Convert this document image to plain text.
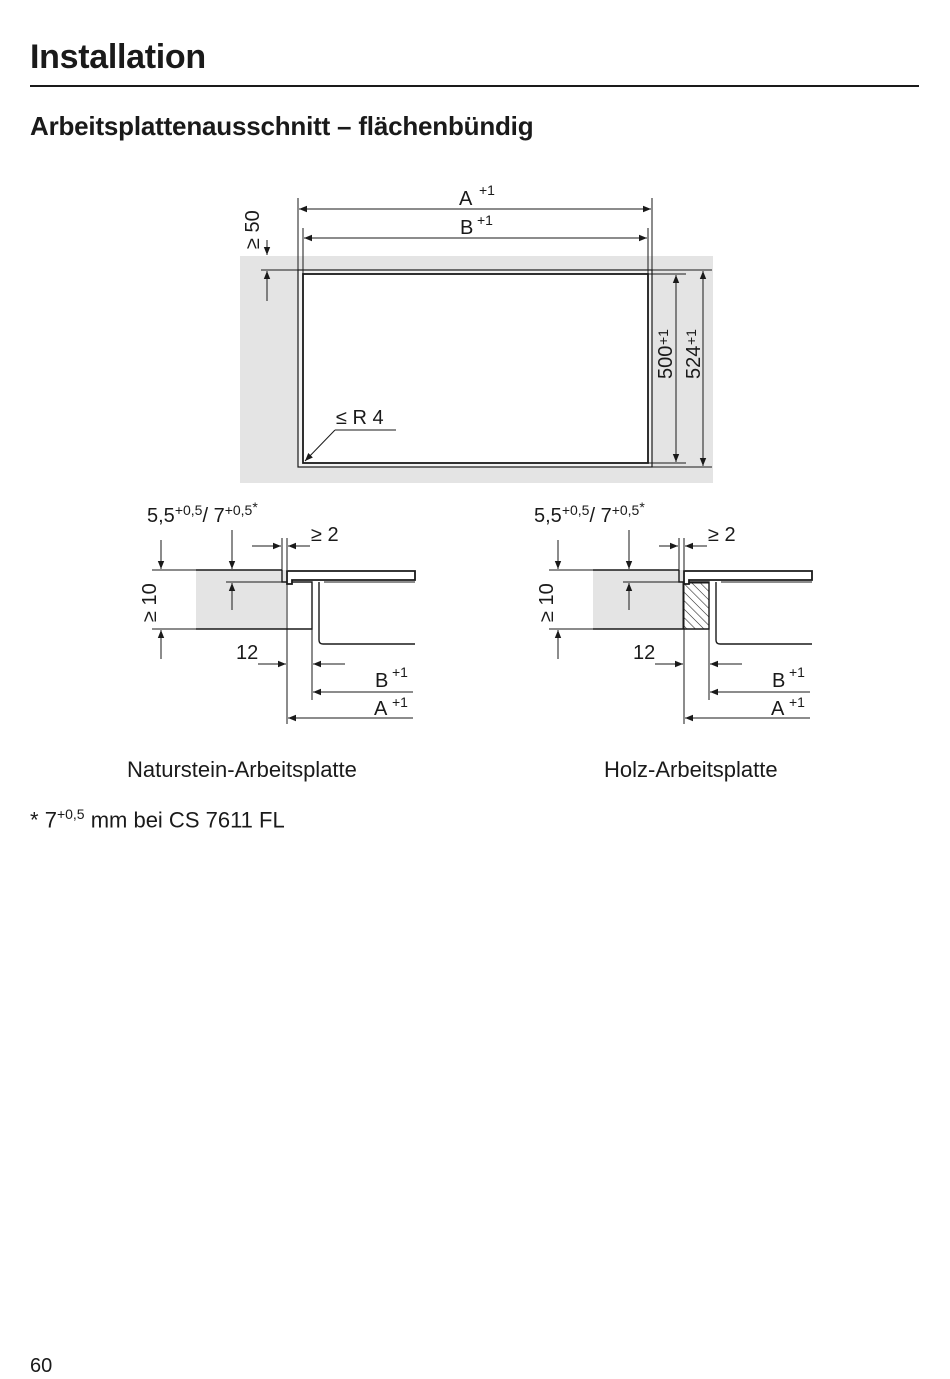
Installation
Arbeitsplattenausschnitt – flächenbündig
A +1
B +1
≥ 50
500
+1
524
+1
≤ R 4
≥ 10
$5,5^{+0,5}/$ $7^{+0,5}*$
≥ 2
12
B +1
A +1
≥ 10
$5,5^{+0,5}/$ $7^{+0,5}*$
≥ 2
12
B +1
A +1
Naturstein-Arbeitsplatte	Holz-Arbeitsplatte
* $7^{+0,5}$ mm bei CS 7611 FL
60
